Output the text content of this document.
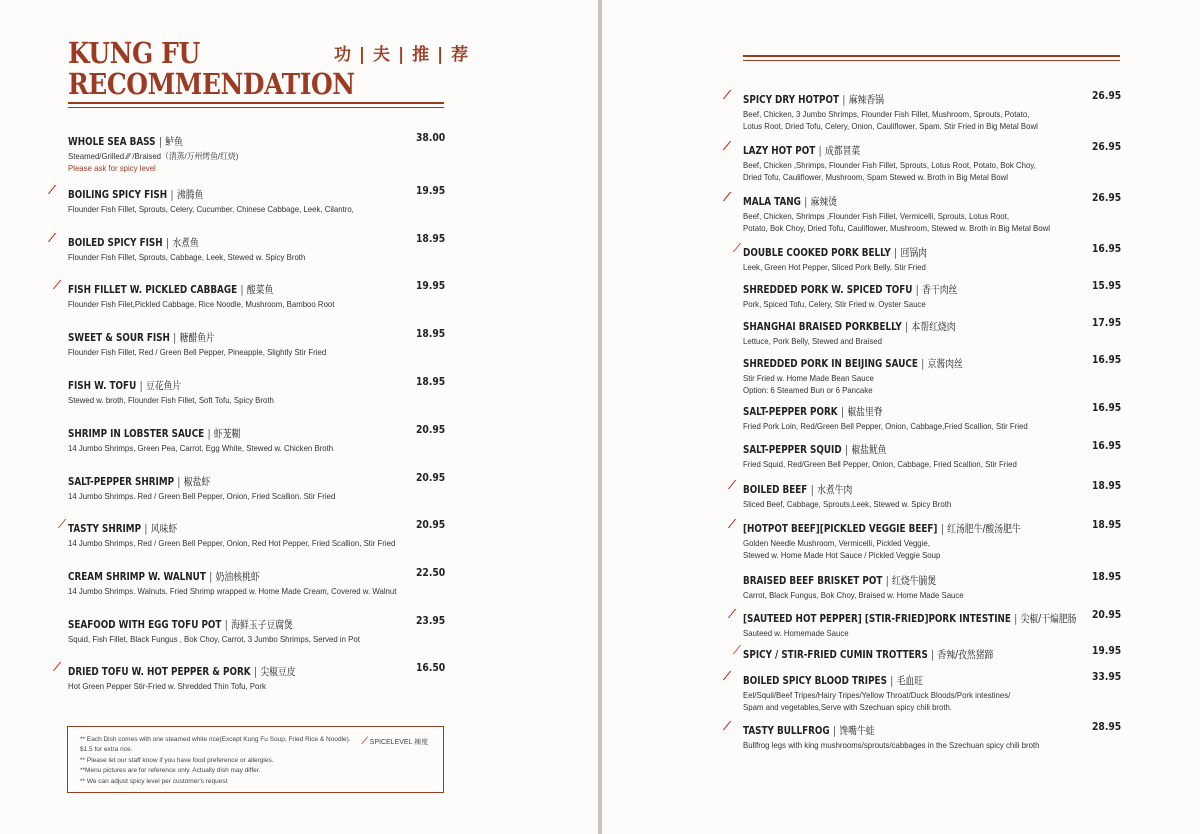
KUNG FU
RECOMMENDATION
功 | 夫 | 推 | 荐
WHOLE SEA BASS | 鲈鱼
Steamed/Grilled ⁄⁄⁄ /Braised（清蒸/万州烤鱼/红烧)
Please ask for spicy level
38.00
⁄⁄⁄ BOILING SPICY FISH | 沸腾鱼
Flounder Fish Fillet, Sprouts, Celery, Cucumber, Chinese Cabbage, Leek, Cilantro,
19.95
⁄⁄⁄ BOILED SPICY FISH | 水煮鱼
Flounder Fish Fillet, Sprouts, Cabbage, Leek, Stewed w. Spicy Broth
18.95
⁄⁄ FISH FILLET W. PICKLED CABBAGE | 酸菜鱼
Flounder Fish Filet,Pickled Cabbage, Rice Noodle, Mushroom, Bamboo Root
19.95
SWEET & SOUR FISH | 糖醋鱼片
Flounder Fish Fillet, Red / Green Bell Pepper, Pineapple, Slightly Stir Fried
18.95
FISH W. TOFU | 豆花鱼片
Stewed w. broth, Flounder Fish Fillet, Soft Tofu, Spicy Broth
18.95
SHRIMP IN LOBSTER SAUCE | 虾茏糊
14 Jumbo Shrimps, Green Pea, Carrot, Egg White, Stewed w. Chicken Broth
20.95
SALT-PEPPER SHRIMP | 椒盐虾
14 Jumbo Shrimps. Red / Green Bell Pepper, Onion, Fried Scallion. Stir Fried
20.95
⁄ TASTY SHRIMP | 风味虾
14 Jumbo Shrimps, Red / Green Bell Pepper, Onion, Red Hot Pepper, Fried Scallion, Stir Fried
20.95
CREAM SHRIMP W. WALNUT | 奶油核桃虾
14 Jumbo Shrimps. Walnuts. Fried Shrimp wrapped w. Home Made Cream, Covered w. Walnut
22.50
SEAFOOD WITH EGG TOFU POT | 海鲜玉子豆腐煲
Squid, Fish Fillet, Black Fungus , Bok Choy, Carrot, 3 Jumbo Shrimps, Served in Pot
23.95
⁄⁄ DRIED TOFU W. HOT PEPPER & PORK | 尖椒豆皮
Hot Green Pepper Stir-Fried w. Shredded Thin Tofu, Pork
16.50
** Each Dish comes with one steamed white rice(Except Kung Fu Soup, Fried Rice & Noodle).
$1.5 for extra rice.
** Please let our staff know if you have food preference or allergies.
**Menu pictures are for reference only. Actually dish may differ.
** We can adjust spicy level per customer's request
⁄ SPICELEVEL 辣度
⁄⁄⁄ SPICY DRY HOTPOT | 麻辣香锅
Beef, Chicken, 3 Jumbo Shrimps, Flounder Fish Fillet, Mushroom, Sprouts, Potato,
Lotus Root, Dried Tofu, Celery, Onion, Cauliflower, Spam. Stir Fried in Big Metal Bowl
26.95
⁄⁄⁄ LAZY HOT POT | 成都冒菜
Beef, Chicken ,Shrimps, Flounder Fish Fillet, Sprouts, Lotus Root, Potato, Bok Choy,
Dried Tofu, Cauliflower, Mushroom, Spam Stewed w. Broth in Big Metal Bowl
26.95
⁄⁄⁄ MALA TANG | 麻辣烫
Beef, Chicken, Shrimps ,Flounder Fish Fillet, Vermicelli, Sprouts, Lotus Root,
Potato, Bok Choy, Dried Tofu, Cauliflower, Mushroom, Stewed w. Broth in Big Metal Bowl
26.95
⁄ DOUBLE COOKED PORK BELLY | 回锅肉
Leek, Green Hot Pepper, Sliced Pork Belly, Stir Fried
16.95
SHREDDED PORK W. SPICED TOFU | 香干肉丝
Pork, Spiced Tofu, Celery, Stir Fried w. Oyster Sauce
15.95
SHANGHAI BRAISED PORKBELLY | 本帮红烧肉
Lettuce, Pork Belly, Stewed and Braised
17.95
SHREDDED PORK IN BEIJING SAUCE | 京酱肉丝
Stir Fried w. Home Made Bean Sauce
Option: 6 Steamed Bun or 6 Pancake
16.95
SALT-PEPPER PORK | 椒盐里脊
Fried Pork Loin, Red/Green Bell Pepper, Onion, Cabbage,Fried Scallion, Stir Fried
16.95
SALT-PEPPER SQUID | 椒盐鱿鱼
Fried Squid, Red/Green Bell Pepper, Onion, Cabbage, Fried Scallion, Stir Fried
16.95
⁄⁄ BOILED BEEF | 水煮牛肉
Sliced Beef, Cabbage, Sprouts,Leek, Stewed w. Spicy Broth
18.95
⁄⁄ [HOTPOT BEEF][PICKLED VEGGIE BEEF] | 红汤肥牛/酸汤肥牛
Golden Needle Mushroom, Vermicelli, Pickled Veggie,
Stewed w. Home Made Hot Sauce / Pickled Veggie Soup
18.95
BRAISED BEEF BRISKET POT | 红烧牛腩煲
Carrot, Black Fungus, Bok Choy, Braised w. Home Made Sauce
18.95
⁄⁄ [SAUTEED HOT PEPPER] [STIR-FRIED]PORK INTESTINE | 尖椒/干煸肥肠
Sauteed w. Homemade Sauce
20.95
⁄ SPICY / STIR-FRIED CUMIN TROTTERS | 香辣/孜然猪蹄	19.95
⁄⁄⁄ BOILED SPICY BLOOD TRIPES | 毛血旺
Eel/Squil/Beef Tripes/Hairy Tripes/Yellow Throat/Duck Bloods/Pork intestines/
Spam and vegetables,Serve with Szechuan spicy chili broth.
33.95
⁄⁄⁄ TASTY BULLFROG | 馋嘴牛蛙
Bullfrog legs with king mushrooms/sprouts/cabbages in the Szechuan spicy chili broth
28.95
